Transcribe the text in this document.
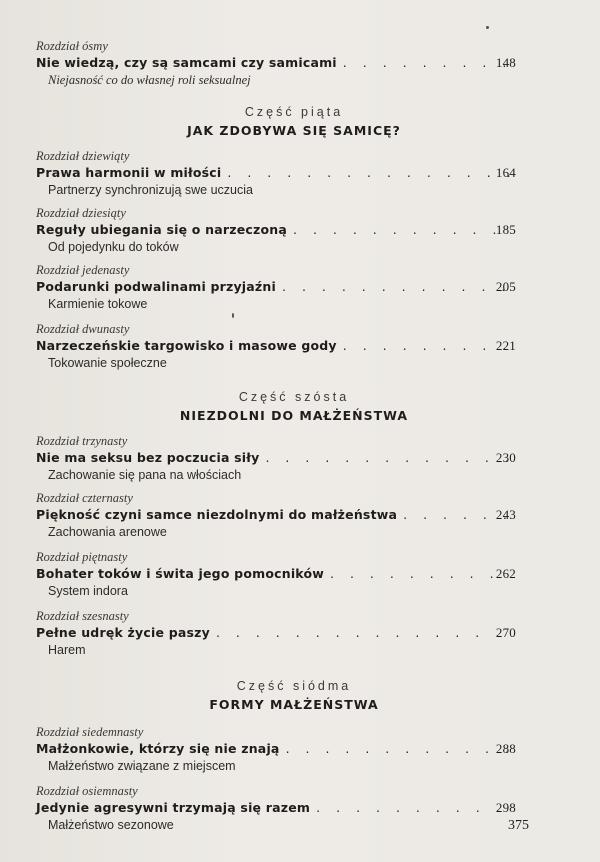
Rozdział ósmy
Nie wiedzą, czy są samcami czy samicami . . .	148
Niejasność co do własnej roli seksualnej
Część piąta
JAK ZDOBYWA SIĘ SAMICĘ?
Rozdział dziewiąty
Prawa harmonii w miłości . . .	164
Partnerzy synchronizują swe uczucia
Rozdział dziesiąty
Reguły ubiegania się o narzeczoną . . .	185
Od pojedynku do toków
Rozdział jedenasty
Podarunki podwalinami przyjaźni . . .	205
Karmienie tokowe
Rozdział dwunasty
Narzeczeńskie targowisko i masowe gody . . .	221
Tokowanie społeczne
Część szósta
NIEZDOLNI DO MAŁŻEŃSTWA
Rozdział trzynasty
Nie ma seksu bez poczucia siły . . .	230
Zachowanie się pana na włościach
Rozdział czternasty
Piękność czyni samce niezdolnymi do małżeństwa . . .	243
Zachowania arenowe
Rozdział piętnasty
Bohater toków i świta jego pomocników . . .	262
System indora
Rozdział szesnasty
Pełne udręk życie paszy . . .	270
Harem
Część siódma
FORMY MAŁŻEŃSTWA
Rozdział siedemnasty
Małżonkowie, którzy się nie znają . . .	288
Małżeństwo związane z miejscem
Rozdział osiemnasty
Jedynie agresywni trzymają się razem . . .	298
Małżeństwo sezonowe	375
